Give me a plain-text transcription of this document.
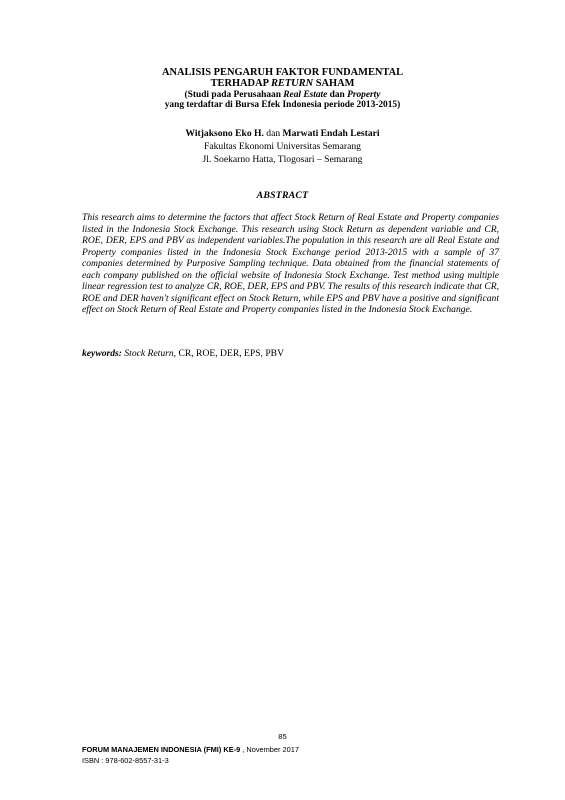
ANALISIS PENGARUH FAKTOR FUNDAMENTAL
TERHADAP RETURN SAHAM
(Studi pada Perusahaan Real Estate dan Property
yang terdaftar di Bursa Efek Indonesia periode 2013-2015)
Witjaksono Eko H. dan Marwati Endah Lestari
Fakultas Ekonomi Universitas Semarang
Jl. Soekarno Hatta, Tlogosari – Semarang
ABSTRACT
This research aims to determine the factors that affect Stock Return of Real Estate and Property companies listed in the Indonesia Stock Exchange. This research using Stock Return as dependent variable and CR, ROE, DER, EPS and PBV as independent variables.The population in this research are all Real Estate and Property companies listed in the Indonesia Stock Exchange period 2013-2015 with a sample of 37 companies determined by Purposive Sampling technique. Data obtained from the financial statements of each company published on the official website of Indonesia Stock Exchange. Test method using multiple linear regression test to analyze CR, ROE, DER, EPS and PBV. The results of this research indicate that CR, ROE and DER haven't significant effect on Stock Return, while EPS and PBV have a positive and significant effect on Stock Return of Real Estate and Property companies listed in the Indonesia Stock Exchange.
keywords: Stock Return, CR, ROE, DER, EPS, PBV
85
FORUM MANAJEMEN INDONESIA (FMI) KE-9 , November 2017
ISBN : 978-602-8557-31-3
